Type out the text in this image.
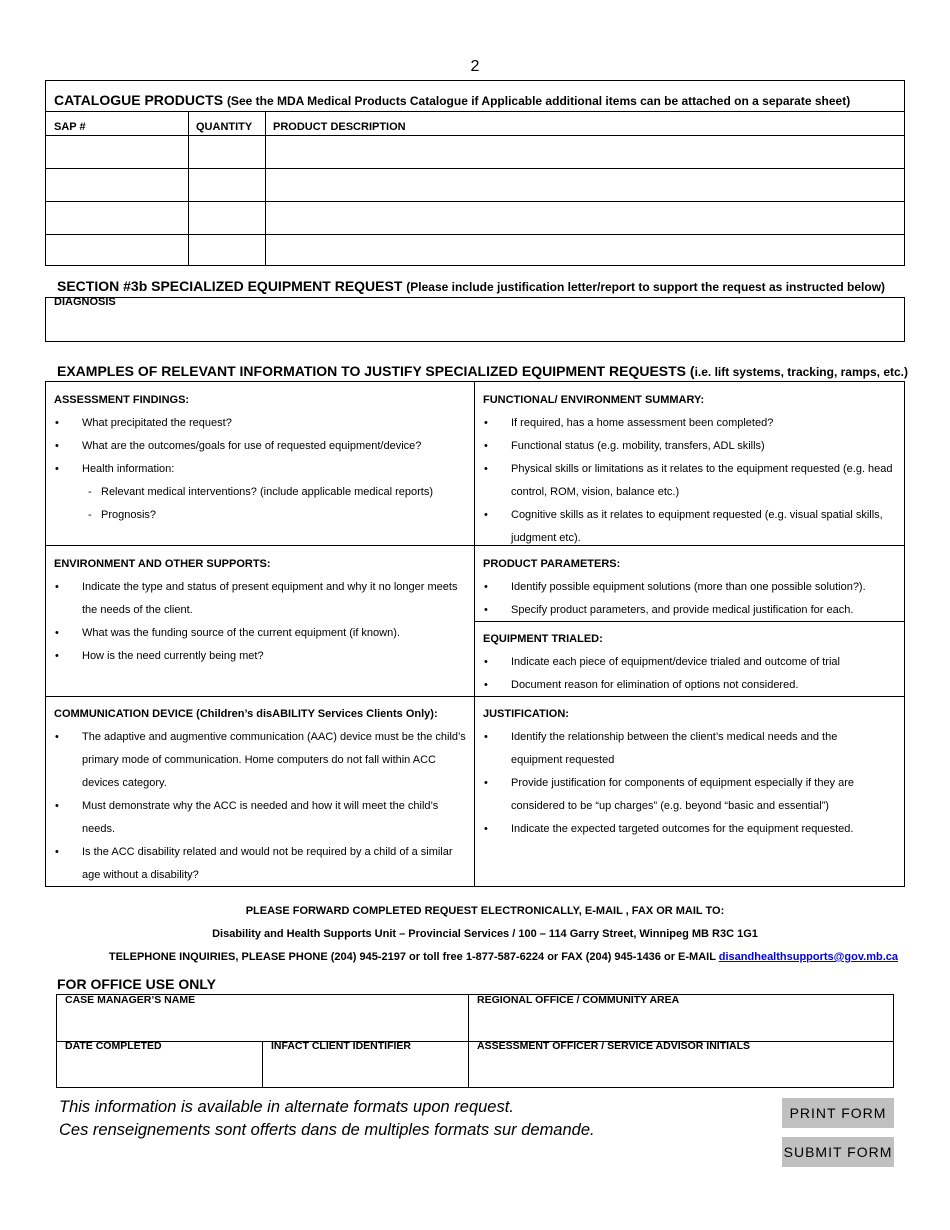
2
CATALOGUE PRODUCTS (See the MDA Medical Products Catalogue if Applicable additional items can be attached on a separate sheet)
SAP #	QUANTITY PRODUCT DESCRIPTION
SECTION #3b SPECIALIZED EQUIPMENT REQUEST (Please include justification letter/report to support the request as instructed below)
DIAGNOSIS
EXAMPLES OF RELEVANT INFORMATION TO JUSTIFY SPECIALIZED EQUIPMENT REQUESTS (i.e. lift systems, tracking, ramps, etc.)
ASSESSMENT FINDINGS:
• What precipitated the request?
• What are the outcomes/goals for use of requested equipment/device?
• Health information:
- Relevant medical interventions? (include applicable medical reports)
- Prognosis?
FUNCTIONAL/ ENVIRONMENT SUMMARY:
• If required, has a home assessment been completed?
• Functional status (e.g. mobility, transfers, ADL skills)
• Physical skills or limitations as it relates to the equipment requested (e.g. head control, ROM, vision, balance etc.)
• Cognitive skills as it relates to equipment requested (e.g. visual spatial skills, judgment etc).
ENVIRONMENT AND OTHER SUPPORTS:
• Indicate the type and status of present equipment and why it no longer meets the needs of the client.
• What was the funding source of the current equipment (if known).
• How is the need currently being met?
PRODUCT PARAMETERS:
• Identify possible equipment solutions (more than one possible solution?).
• Specify product parameters, and provide medical justification for each.
EQUIPMENT TRIALED:
• Indicate each piece of equipment/device trialed and outcome of trial
• Document reason for elimination of options not considered.
COMMUNICATION DEVICE (Children’s disABILITY Services Clients Only):
• The adaptive and augmentive communication (AAC) device must be the child’s primary mode of communication. Home computers do not fall within ACC devices category.
• Must demonstrate why the ACC is needed and how it will meet the child’s needs.
• Is the ACC disability related and would not be required by a child of a similar age without a disability?
JUSTIFICATION:
• Identify the relationship between the client’s medical needs and the equipment requested
• Provide justification for components of equipment especially if they are considered to be “up charges” (e.g. beyond “basic and essential”)
• Indicate the expected targeted outcomes for the equipment requested.
PLEASE FORWARD COMPLETED REQUEST ELECTRONICALLY, E-MAIL , FAX OR MAIL TO:
Disability and Health Supports Unit – Provincial Services / 100 – 114 Garry Street, Winnipeg MB R3C 1G1
TELEPHONE INQUIRIES, PLEASE PHONE (204) 945-2197 or toll free 1-877-587-6224 or FAX (204) 945-1436 or E-MAIL disandhealthsupports@gov.mb.ca
FOR OFFICE USE ONLY
CASE MANAGER’S NAME	REGIONAL OFFICE / COMMUNITY AREA
DATE COMPLETED	INFACT CLIENT IDENTIFIER	ASSESSMENT OFFICER / SERVICE ADVISOR INITIALS
This information is available in alternate formats upon request.
Ces renseignements sont offerts dans de multiples formats sur demande.
PRINT FORM
SUBMIT FORM
